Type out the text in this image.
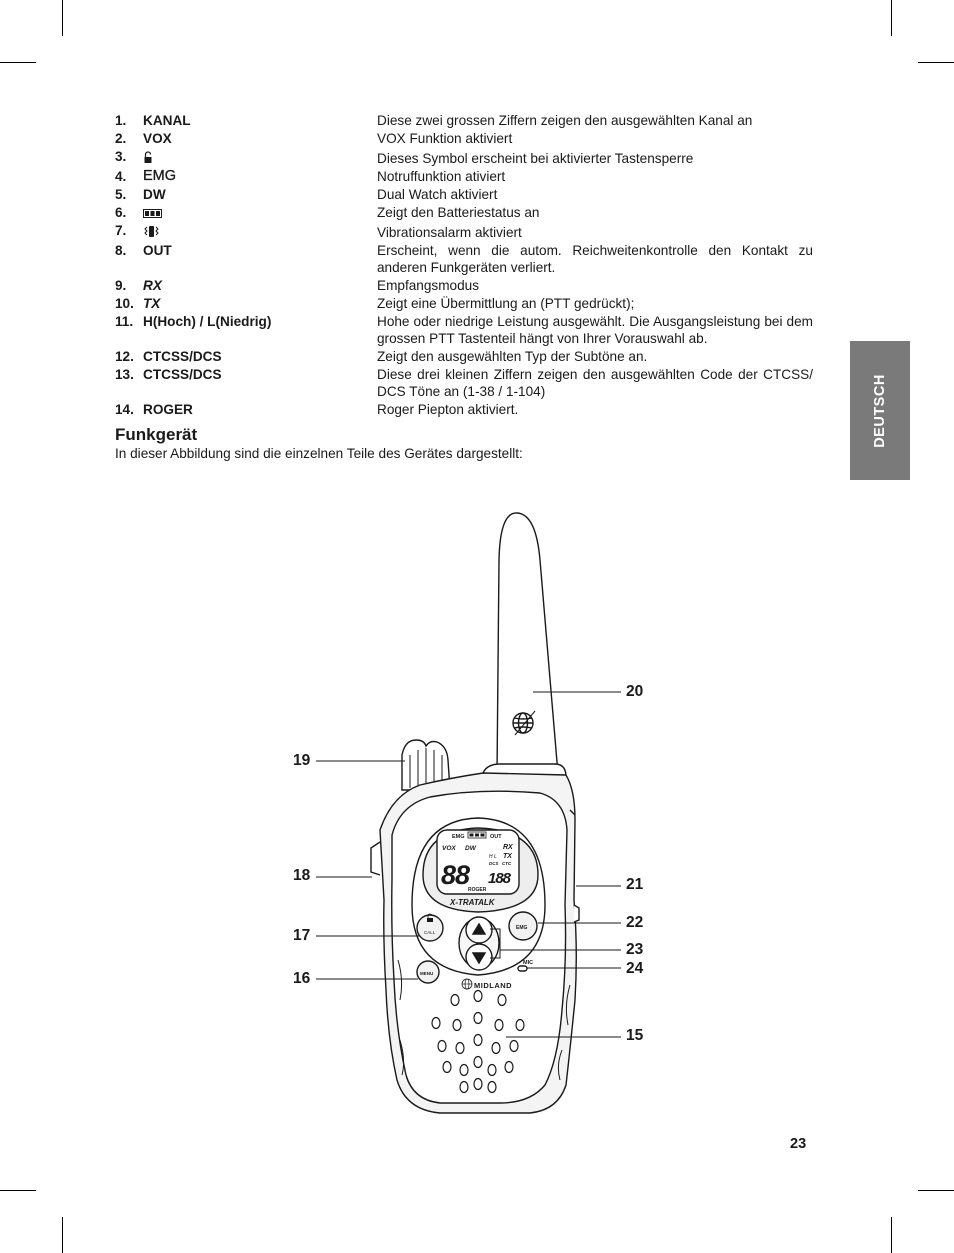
1.	KANAL	Diese zwei grossen Ziffern zeigen den ausgewählten Kanal an
2.	VOX	VOX Funktion aktiviert
3.	Dieses Symbol erscheint bei aktivierter Tastensperre
4.	EMG	Notruffunktion ativiert
5.	DW	Dual Watch aktiviert
6.	Zeigt den Batteriestatus an
7.	Vibrationsalarm aktiviert
8.	OUT	Erscheint, wenn die autom. Reichweitenkontrolle den Kontakt zu anderen Funkgeräten verliert.
9.	RX	Empfangsmodus
10. TX	Zeigt eine Übermittlung an (PTT gedrückt);
11. H(Hoch) / L(Niedrig)	Hohe oder niedrige Leistung ausgewählt. Die Ausgangsleistung bei dem grossen PTT Tastenteil hängt von Ihrer Vorauswahl ab.
12. CTCSS/DCS	Zeigt den ausgewählten Typ der Subtöne an.
13. CTCSS/DCS	Diese drei kleinen Ziffern zeigen den ausgewählten Code der CTCSS/ DCS Töne an (1-38 / 1-104)
14. ROGER	Roger Piepton aktiviert.
Funkgerät
In dieser Abbildung sind die einzelnen Teile des Gerätes dargestellt:
DEUTSCH
23
EMG	OUT
VOX DW	RX
TX
H L
DCS CTC
88 188
ROGER
X-TRATALK
CALL
EMG
MENU
MIC
MIDLAND
20
19
18
21
17
22
23
24
16
15
